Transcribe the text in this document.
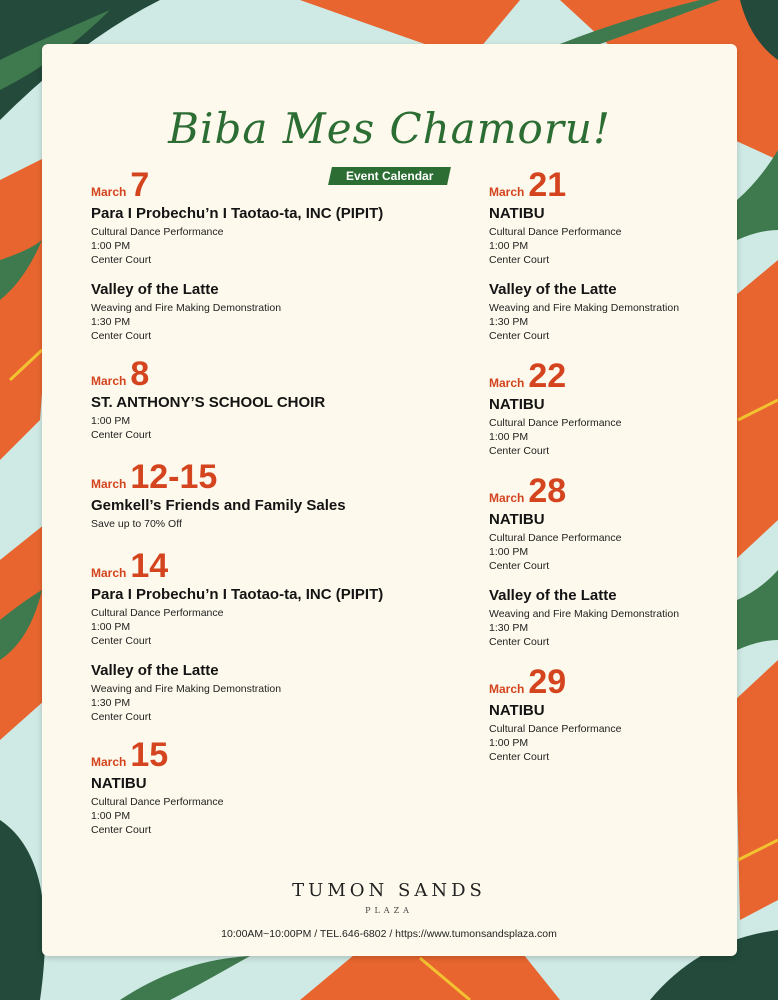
Biba Mes Chamoru!
Event Calendar
March 7
Para I Probechu’n I Taotao-ta, INC (PIPIT)
Cultural Dance Performance
1:00 PM
Center Court
Valley of the Latte
Weaving and Fire Making Demonstration
1:30 PM
Center Court
March 8
ST. ANTHONY’S SCHOOL CHOIR
1:00 PM
Center Court
March 12-15
Gemkell’s Friends and Family Sales
Save up to 70% Off
March 14
Para I Probechu’n I Taotao-ta, INC (PIPIT)
Cultural Dance Performance
1:00 PM
Center Court
Valley of the Latte
Weaving and Fire Making Demonstration
1:30 PM
Center Court
March 15
NATIBU
Cultural Dance Performance
1:00 PM
Center Court
March 21
NATIBU
Cultural Dance Performance
1:00 PM
Center Court
Valley of the Latte
Weaving and Fire Making Demonstration
1:30 PM
Center Court
March 22
NATIBU
Cultural Dance Performance
1:00 PM
Center Court
March 28
NATIBU
Cultural Dance Performance
1:00 PM
Center Court
Valley of the Latte
Weaving and Fire Making Demonstration
1:30 PM
Center Court
March 29
NATIBU
Cultural Dance Performance
1:00 PM
Center Court
TUMON SANDS
PLAZA
10:00AM~10:00PM / TEL.646-6802 / https://www.tumonsandsplaza.com
